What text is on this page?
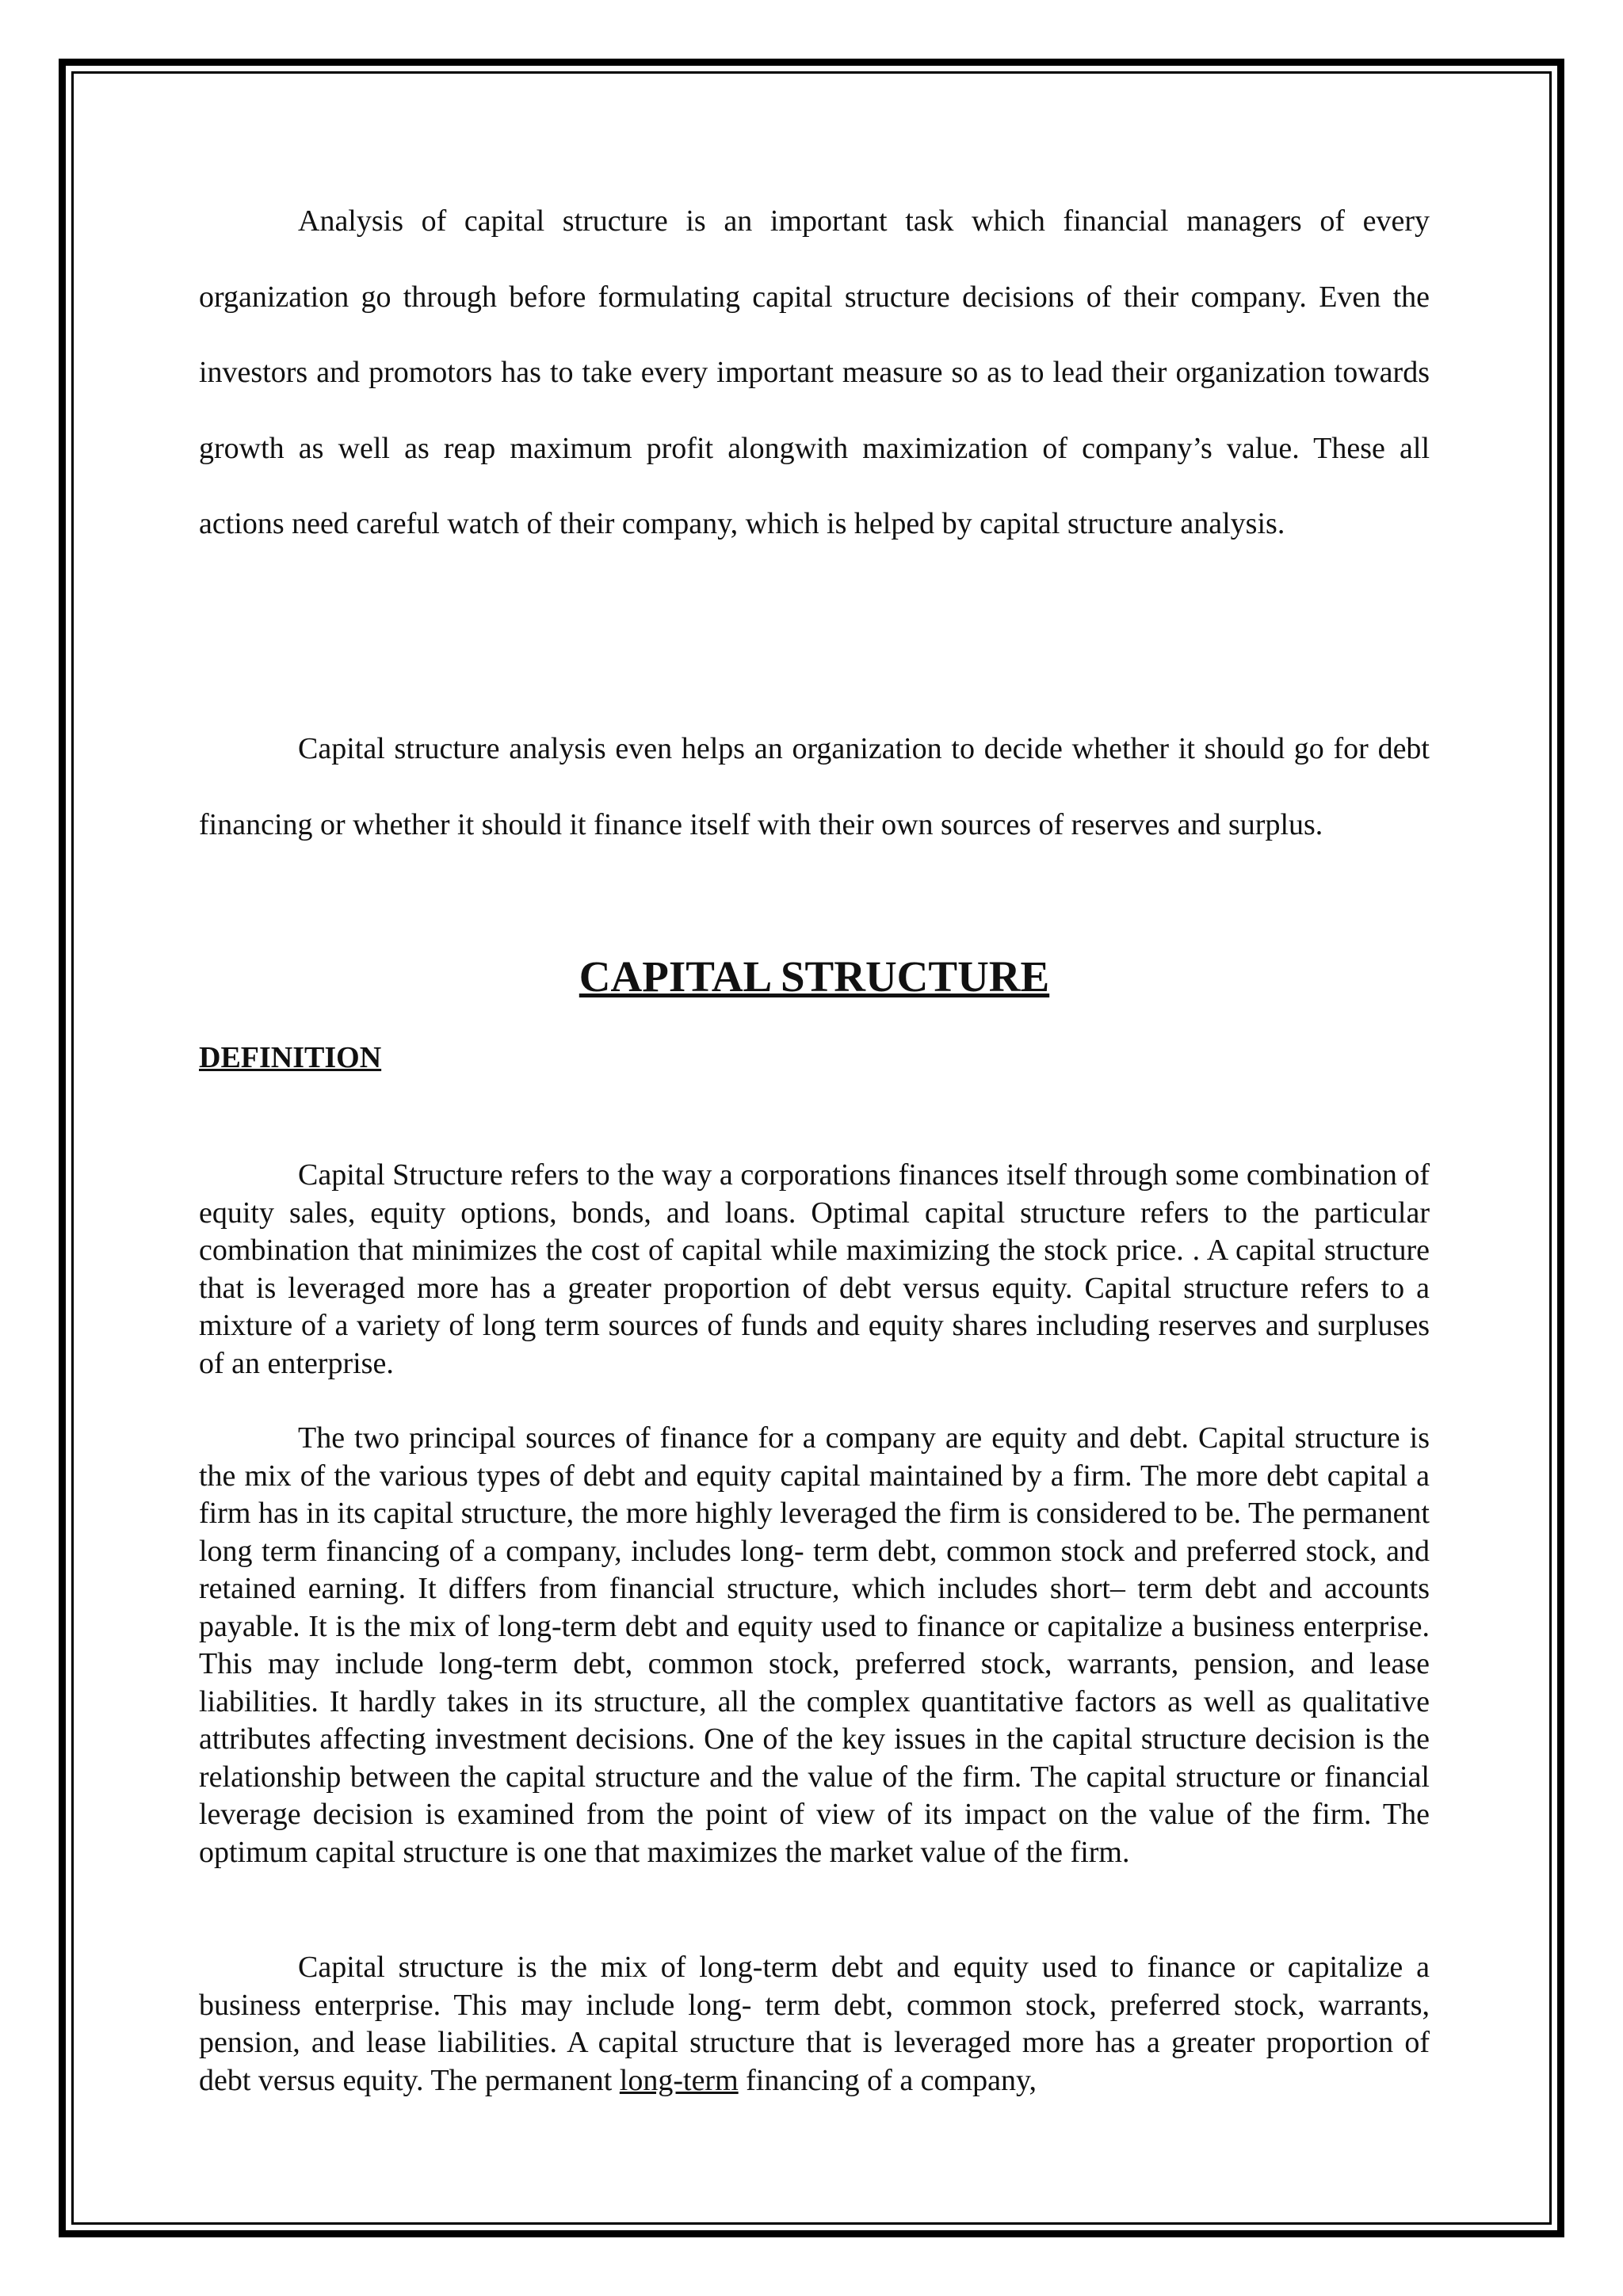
Analysis of capital structure is an important task which financial managers of every organization go through before formulating capital structure decisions of their company. Even the investors and promotors has to take every important measure so as to lead their organization towards growth as well as reap maximum profit alongwith maximization of company’s value. These all actions need careful watch of their company, which is helped by capital structure analysis.

Capital structure analysis even helps an organization to decide whether it should go for debt financing or whether it should it finance itself with their own sources of reserves and surplus.

CAPITAL STRUCTURE
DEFINITION

Capital Structure refers to the way a corporations finances itself through some combination of equity sales, equity options, bonds, and loans. Optimal capital structure refers to the particular combination that minimizes the cost of capital while maximizing the stock price. . A capital structure that is leveraged more has a greater proportion of debt versus equity. Capital structure refers to a mixture of a variety of long term sources of funds and equity shares including reserves and surpluses of an enterprise.

The two principal sources of finance for a company are equity and debt. Capital structure is the mix of the various types of debt and equity capital maintained by a firm. The more debt capital a firm has in its capital structure, the more highly leveraged the firm is considered to be. The permanent long term financing of a company, includes long- term debt, common stock and preferred stock, and retained earning. It differs from financial structure, which includes short– term debt and accounts payable. It is the mix of long-term debt and equity used to finance or capitalize a business enterprise. This may include long-term debt, common stock, preferred stock, warrants, pension, and lease liabilities. It hardly takes in its structure, all the complex quantitative factors as well as qualitative attributes affecting investment decisions. One of the key issues in the capital structure decision is the relationship between the capital structure and the value of the firm. The capital structure or financial leverage decision is examined from the point of view of its impact on the value of the firm. The optimum capital structure is one that maximizes the market value of the firm.

Capital structure is the mix of long-term debt and equity used to finance or capitalize a business enterprise. This may include long- term debt, common stock, preferred stock, warrants, pension, and lease liabilities. A capital structure that is leveraged more has a greater proportion of debt versus equity. The permanent long-term financing of a company,
